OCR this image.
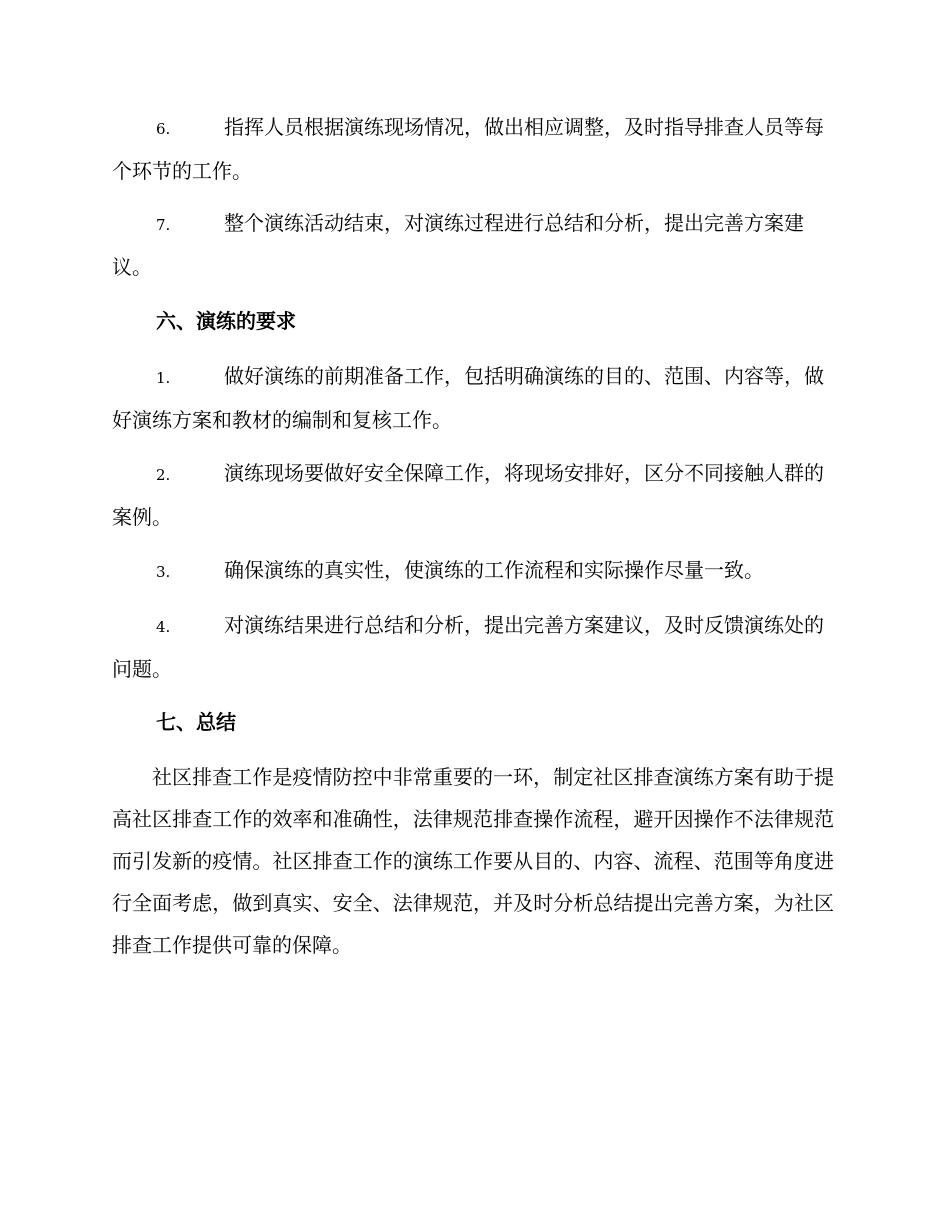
6.	指挥人员根据演练现场情况，做出相应调整，及时指导排查人员等每个环节的工作。
7.	整个演练活动结束，对演练过程进行总结和分析，提出完善方案建议。
六、演练的要求
1.	做好演练的前期准备工作，包括明确演练的目的、范围、内容等，做好演练方案和教材的编制和复核工作。
2.	演练现场要做好安全保障工作，将现场安排好，区分不同接触人群的案例。
3.	确保演练的真实性，使演练的工作流程和实际操作尽量一致。
4.	对演练结果进行总结和分析，提出完善方案建议，及时反馈演练处的问题。
七、总结
社区排查工作是疫情防控中非常重要的一环，制定社区排查演练方案有助于提高社区排查工作的效率和准确性，法律规范排查操作流程，避开因操作不法律规范而引发新的疫情。社区排查工作的演练工作要从目的、内容、流程、范围等角度进行全面考虑，做到真实、安全、法律规范，并及时分析总结提出完善方案，为社区排查工作提供可靠的保障。
